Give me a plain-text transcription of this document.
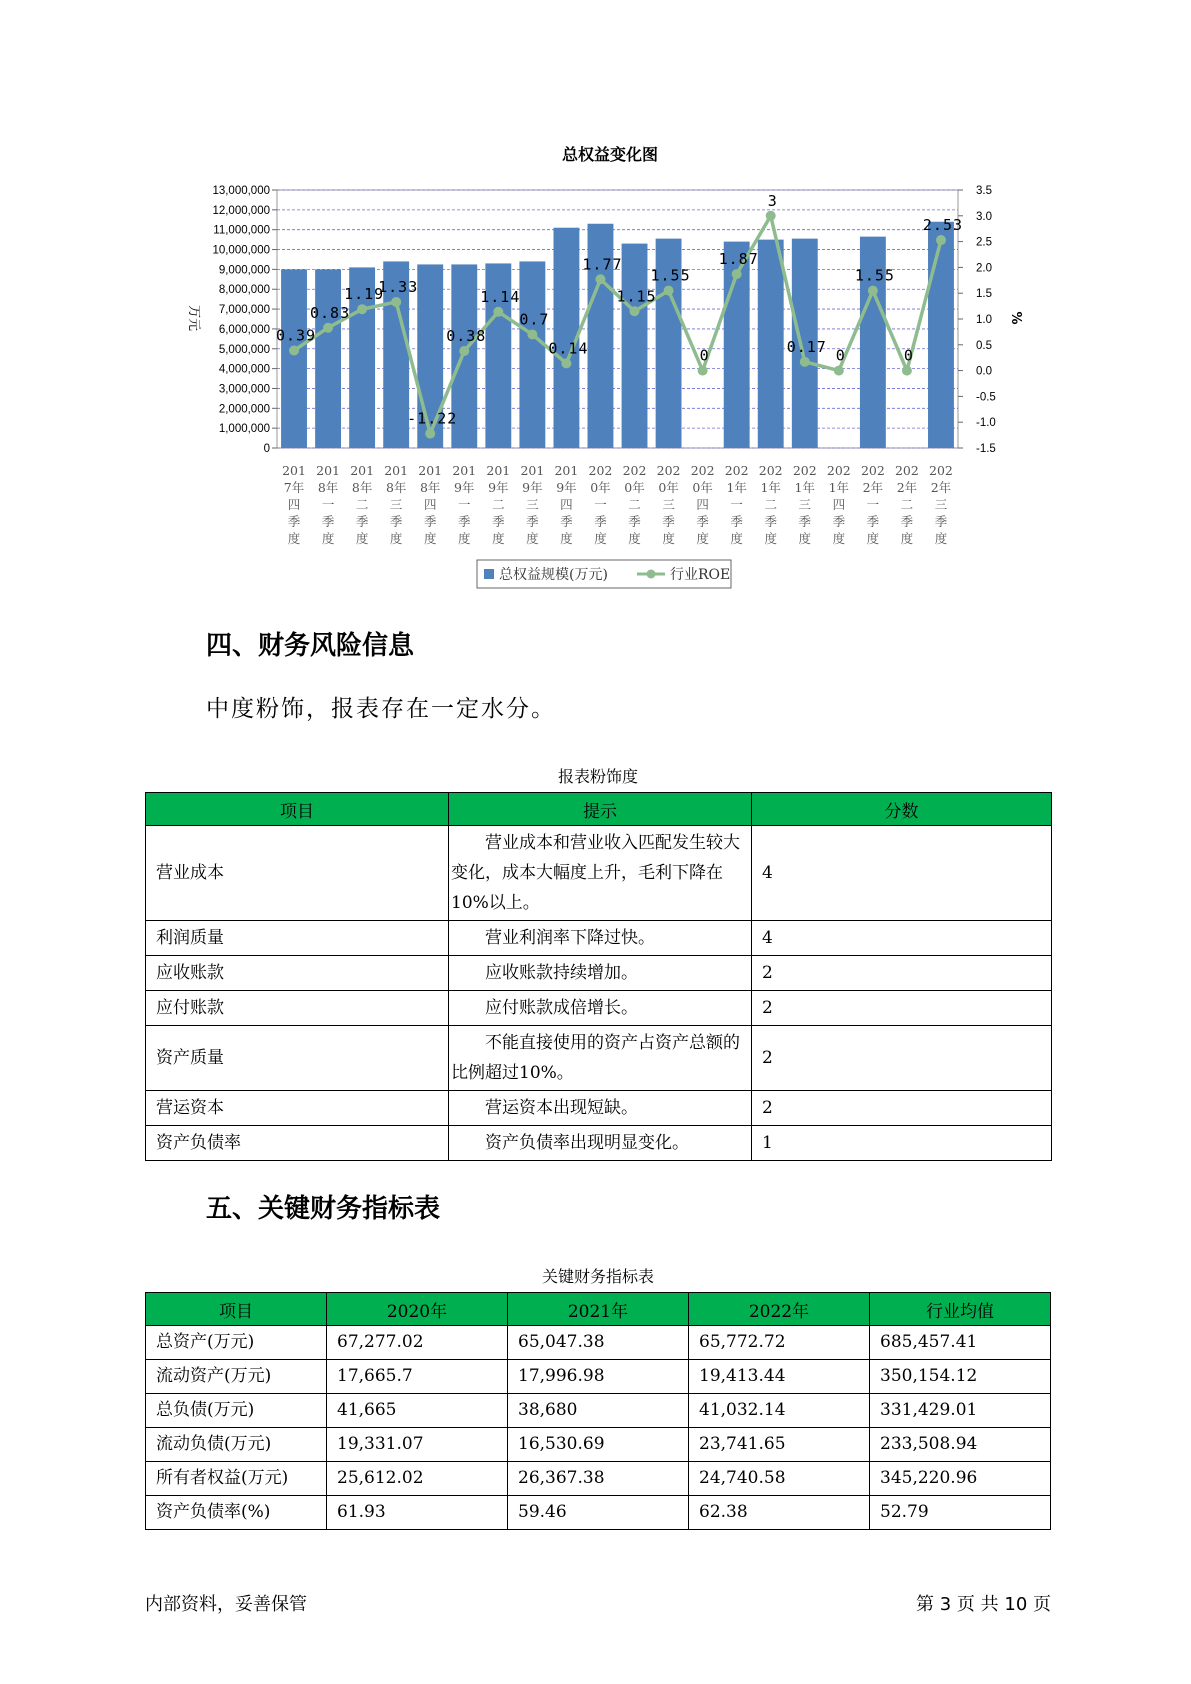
总权益变化图
13,000,000
12,000,000
11,000,000
10,000,000
9,000,000
8,000,000
7,000,000
6,000,000
5,000,000
4,000,000
3,000,000
2,000,000
1,000,000
0
3.5
3.0
2.5
2.0
1.5
1.0
0.5
0.0
-0.5
-1.0
-1.5
万元	%
0.39
0.83
1.19
1.33
-1.22
0.38
1.14
0.7
0.14
1.77
1.15
1.55
0
1.87
3
0.17 0
1.55
0
2.53
201 7年四季度
201 8年一季度
201 8年二季度
201 8年三季度
201 8年四季度
201 9年一季度
201 9年二季度
201 9年三季度
201 9年四季度
202 0年一季度
202 0年二季度
202 0年三季度
202 0年四季度
202 1年一季度
202 1年二季度
202 1年三季度
202 1年四季度
202 2年一季度
202 2年二季度
202 2年三季度
总权益规模(万元)	行业ROE
四、财务风险信息
中度粉饰，报表存在一定水分。
报表粉饰度
项目	提示	分数
营业成本	营业成本和营业收入匹配发生较大变化，成本大幅度上升，毛利下降在10%以上。	4
利润质量	营业利润率下降过快。	4
应收账款	应收账款持续增加。	2
应付账款	应付账款成倍增长。	2
资产质量	不能直接使用的资产占资产总额的比例超过10%。	2
营运资本	营运资本出现短缺。	2
资产负债率	资产负债率出现明显变化。	1
五、关键财务指标表
关键财务指标表
项目	2020年	2021年	2022年	行业均值
总资产(万元)	67,277.02	65,047.38	65,772.72	685,457.41
流动资产(万元)	17,665.7	17,996.98	19,413.44	350,154.12
总负债(万元)	41,665	38,680	41,032.14	331,429.01
流动负债(万元)	19,331.07	16,530.69	23,741.65	233,508.94
所有者权益(万元)	25,612.02	26,367.38	24,740.58	345,220.96
资产负债率(%)	61.93	59.46	62.38	52.79
内部资料，妥善保管	第 3 页 共 10 页
